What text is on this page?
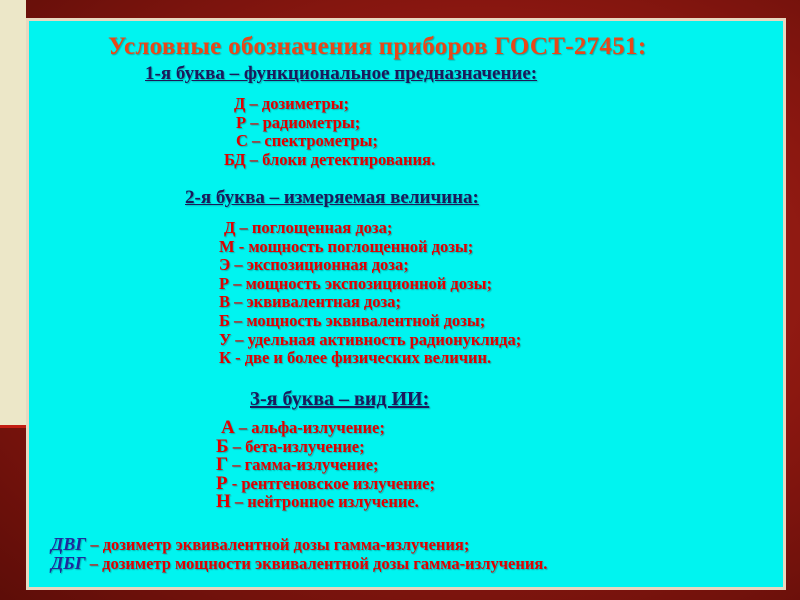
Условные обозначения приборов ГОСТ-27451:
1-я буква – функциональное предназначение:
Д – дозиметры;
Р – радиометры;
С – спектрометры;
БД – блоки детектирования.
2-я буква – измеряемая величина:
Д – поглощенная доза;
М - мощность поглощенной дозы;
Э – экспозиционная доза;
Р – мощность экспозиционной дозы;
В – эквивалентная доза;
Б – мощность эквивалентной дозы;
У – удельная активность радионуклида;
К - две и более физических величин.
3-я буква – вид ИИ:
А – альфа-излучение;
Б – бета-излучение;
Г – гамма-излучение;
Р - рентгеновское излучение;
Н – нейтронное излучение.
ДВГ – дозиметр эквивалентной дозы гамма-излучения;
ДБГ – дозиметр мощности эквивалентной дозы гамма-излучения.
